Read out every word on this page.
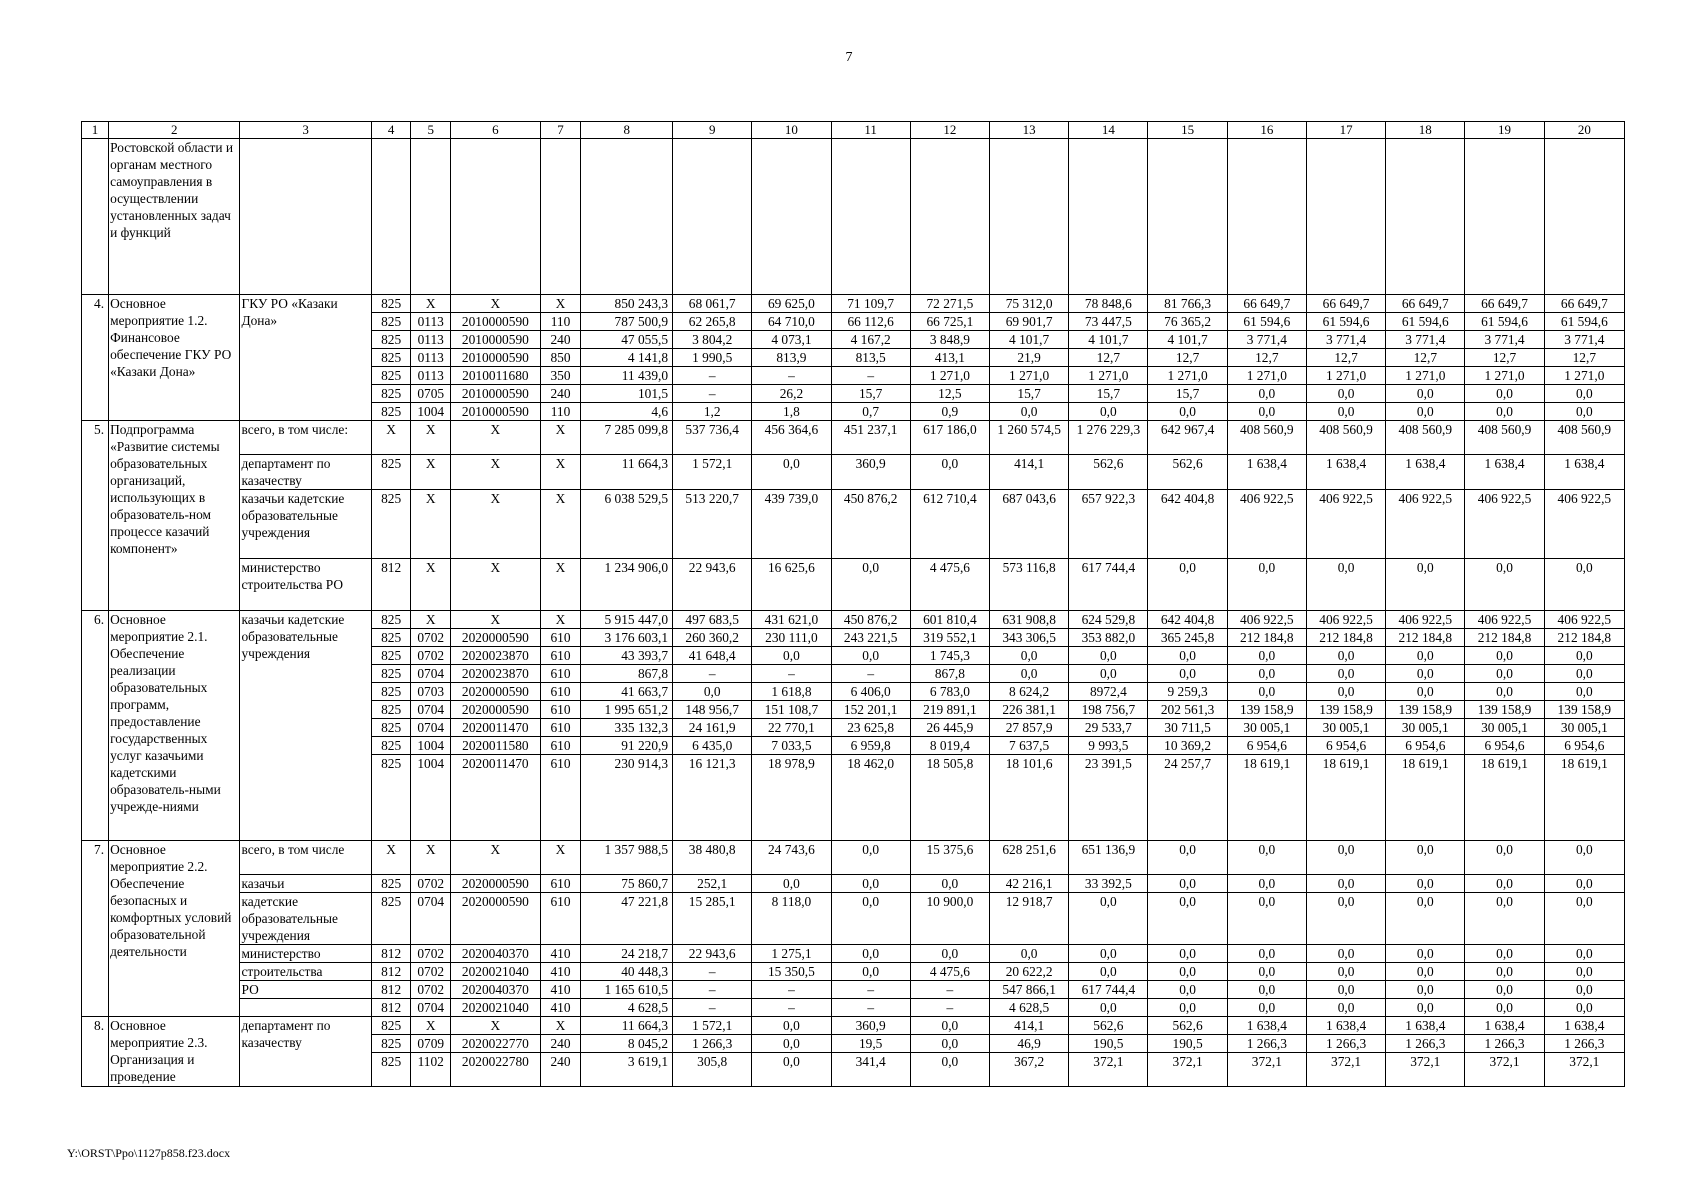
7
1	2	3	4	5	6	7	8	9	10	11	12	13	14	15	16	17	18	19	20
	Ростовской области и органам местного самоуправления в осуществлении установленных задач и функций																		
4.	Основное мероприятие 1.2. Финансовое обеспечение ГКУ РО «Казаки Дона»	ГКУ РО «Казаки Дона»	825	X	X	X	850 243,3	68 061,7	69 625,0	71 109,7	72 271,5	75 312,0	78 848,6	81 766,3	66 649,7	66 649,7	66 649,7	66 649,7	66 649,7
			825	0113	2010000590	110	787 500,9	62 265,8	64 710,0	66 112,6	66 725,1	69 901,7	73 447,5	76 365,2	61 594,6	61 594,6	61 594,6	61 594,6	61 594,6
			825	0113	2010000590	240	47 055,5	3 804,2	4 073,1	4 167,2	3 848,9	4 101,7	4 101,7	4 101,7	3 771,4	3 771,4	3 771,4	3 771,4	3 771,4
			825	0113	2010000590	850	4 141,8	1 990,5	813,9	813,5	413,1	21,9	12,7	12,7	12,7	12,7	12,7	12,7	12,7
			825	0113	2010011680	350	11 439,0	–	–	–	1 271,0	1 271,0	1 271,0	1 271,0	1 271,0	1 271,0	1 271,0	1 271,0	1 271,0
			825	0705	2010000590	240	101,5	–	26,2	15,7	12,5	15,7	15,7	15,7	0,0	0,0	0,0	0,0	0,0
			825	1004	2010000590	110	4,6	1,2	1,8	0,7	0,9	0,0	0,0	0,0	0,0	0,0	0,0	0,0	0,0
5.	Подпрограмма «Развитие системы образовательных организаций, использующих в образователь-ном процессе казачий компонент»	всего, в том числе:	X	X	X	X	7 285 099,8	537 736,4	456 364,6	451 237,1	617 186,0	1 260 574,5	1 276 229,3	642 967,4	408 560,9	408 560,9	408 560,9	408 560,9	408 560,9
		департамент по казачеству	825	X	X	X	11 664,3	1 572,1	0,0	360,9	0,0	414,1	562,6	562,6	1 638,4	1 638,4	1 638,4	1 638,4	1 638,4
		казачьи кадетские образовательные учреждения	825	X	X	X	6 038 529,5	513 220,7	439 739,0	450 876,2	612 710,4	687 043,6	657 922,3	642 404,8	406 922,5	406 922,5	406 922,5	406 922,5	406 922,5
		министерство строительства РО	812	X	X	X	1 234 906,0	22 943,6	16 625,6	0,0	4 475,6	573 116,8	617 744,4	0,0	0,0	0,0	0,0	0,0	0,0
6.	Основное мероприятие 2.1. Обеспечение реализации образовательных программ, предоставление государственных услуг казачьими кадетскими образователь-ными учрежде-ниями	казачьи кадетские образовательные учреждения	825	X	X	X	5 915 447,0	497 683,5	431 621,0	450 876,2	601 810,4	631 908,8	624 529,8	642 404,8	406 922,5	406 922,5	406 922,5	406 922,5	406 922,5
			825	0702	2020000590	610	3 176 603,1	260 360,2	230 111,0	243 221,5	319 552,1	343 306,5	353 882,0	365 245,8	212 184,8	212 184,8	212 184,8	212 184,8	212 184,8
			825	0702	2020023870	610	43 393,7	41 648,4	0,0	0,0	1 745,3	0,0	0,0	0,0	0,0	0,0	0,0	0,0	0,0
			825	0704	2020023870	610	867,8	–	–	–	867,8	0,0	0,0	0,0	0,0	0,0	0,0	0,0	0,0
			825	0703	2020000590	610	41 663,7	0,0	1 618,8	6 406,0	6 783,0	8 624,2	8972,4	9 259,3	0,0	0,0	0,0	0,0	0,0
			825	0704	2020000590	610	1 995 651,2	148 956,7	151 108,7	152 201,1	219 891,1	226 381,1	198 756,7	202 561,3	139 158,9	139 158,9	139 158,9	139 158,9	139 158,9
			825	0704	2020011470	610	335 132,3	24 161,9	22 770,1	23 625,8	26 445,9	27 857,9	29 533,7	30 711,5	30 005,1	30 005,1	30 005,1	30 005,1	30 005,1
			825	1004	2020011580	610	91 220,9	6 435,0	7 033,5	6 959,8	8 019,4	7 637,5	9 993,5	10 369,2	6 954,6	6 954,6	6 954,6	6 954,6	6 954,6
			825	1004	2020011470	610	230 914,3	16 121,3	18 978,9	18 462,0	18 505,8	18 101,6	23 391,5	24 257,7	18 619,1	18 619,1	18 619,1	18 619,1	18 619,1
7.	Основное мероприятие 2.2. Обеспечение безопасных и комфортных условий образовательной деятельности	всего, в том числе	X	X	X	X	1 357 988,5	38 480,8	24 743,6	0,0	15 375,6	628 251,6	651 136,9	0,0	0,0	0,0	0,0	0,0	0,0
		казачьи	825	0702	2020000590	610	75 860,7	252,1	0,0	0,0	0,0	42 216,1	33 392,5	0,0	0,0	0,0	0,0	0,0	0,0
		кадетские образовательные учреждения	825	0704	2020000590	610	47 221,8	15 285,1	8 118,0	0,0	10 900,0	12 918,7	0,0	0,0	0,0	0,0	0,0	0,0	0,0
		министерство	812	0702	2020040370	410	24 218,7	22 943,6	1 275,1	0,0	0,0	0,0	0,0	0,0	0,0	0,0	0,0	0,0	0,0
		строительства	812	0702	2020021040	410	40 448,3	–	15 350,5	0,0	4 475,6	20 622,2	0,0	0,0	0,0	0,0	0,0	0,0	0,0
		РО	812	0702	2020040370	410	1 165 610,5	–	–	–	–	547 866,1	617 744,4	0,0	0,0	0,0	0,0	0,0	0,0
			812	0704	2020021040	410	4 628,5	–	–	–	–	4 628,5	0,0	0,0	0,0	0,0	0,0	0,0	0,0
8.	Основное мероприятие 2.3. Организация и проведение	департамент по казачеству	825	X	X	X	11 664,3	1 572,1	0,0	360,9	0,0	414,1	562,6	562,6	1 638,4	1 638,4	1 638,4	1 638,4	1 638,4
			825	0709	2020022770	240	8 045,2	1 266,3	0,0	19,5	0,0	46,9	190,5	190,5	1 266,3	1 266,3	1 266,3	1 266,3	1 266,3
			825	1102	2020022780	240	3 619,1	305,8	0,0	341,4	0,0	367,2	372,1	372,1	372,1	372,1	372,1	372,1	372,1
Y:\ORST\Ppo\1127p858.f23.docx
